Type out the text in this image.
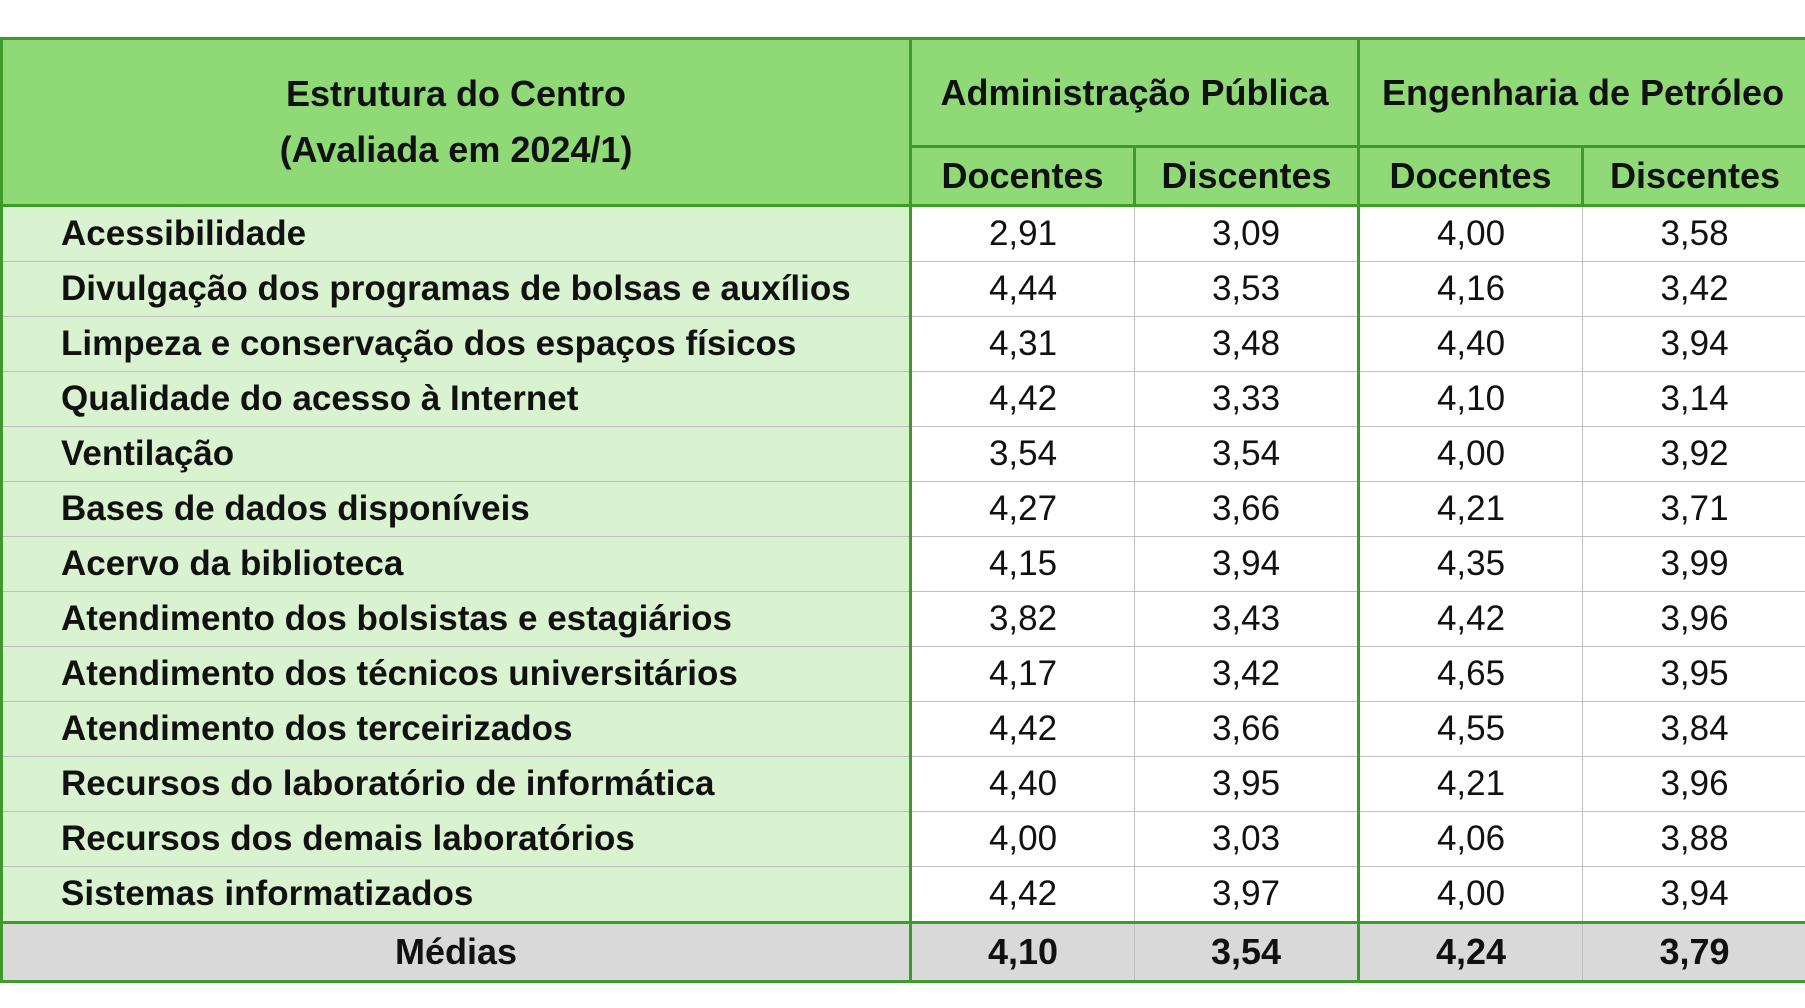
Estrutura do Centro
(Avaliada em 2024/1)	Administração Pública		Engenharia de Petróleo	
	Docentes	Discentes	Docentes	Discentes
Acessibilidade	2,91	3,09	4,00	3,58
Divulgação dos programas de bolsas e auxílios	4,44	3,53	4,16	3,42
Limpeza e conservação dos espaços físicos	4,31	3,48	4,40	3,94
Qualidade do acesso à Internet	4,42	3,33	4,10	3,14
Ventilação	3,54	3,54	4,00	3,92
Bases de dados disponíveis	4,27	3,66	4,21	3,71
Acervo da biblioteca	4,15	3,94	4,35	3,99
Atendimento dos bolsistas e estagiários	3,82	3,43	4,42	3,96
Atendimento dos técnicos universitários	4,17	3,42	4,65	3,95
Atendimento dos terceirizados	4,42	3,66	4,55	3,84
Recursos do laboratório de informática	4,40	3,95	4,21	3,96
Recursos dos demais laboratórios	4,00	3,03	4,06	3,88
Sistemas informatizados	4,42	3,97	4,00	3,94
Médias	4,10	3,54	4,24	3,79
